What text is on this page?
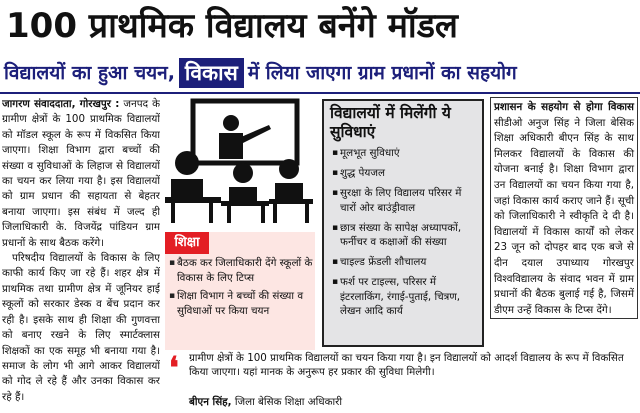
100 प्राथमिक विद्यालय बनेंगे मॉडल
विद्यालयों का हुआ चयन, विकास में लिया जाएगा ग्राम प्रधानों का सहयोग

जागरण संवाददाता, गोरखपुर : जनपद के ग्रामीण क्षेत्रों के 100 प्राथमिक विद्यालयों को मॉडल स्कूल के रूप में विकसित किया जाएगा। शिक्षा विभाग द्वारा बच्चों की संख्या व सुविधाओं के लिहाज से विद्यालयों का चयन कर लिया गया है। इस विद्यालयों को ग्राम प्रधान की सहायता से बेहतर बनाया जाएगा। इस संबंध में जल्द ही जिलाधिकारी के. विजयेंद्र पांडियन ग्राम प्रधानों के साथ बैठक करेंगे।

परिषदीय विद्यालयों के विकास के लिए काफी कार्य किए जा रहे हैं। शहर क्षेत्र में प्राथमिक तथा ग्रामीण क्षेत्र में जूनियर हाई स्कूलों को सरकार डेस्क व बेंच प्रदान कर रही है। इसके साथ ही शिक्षा की गुणवत्ता को बनाए रखने के लिए स्मार्टक्लास शिक्षकों का एक समूह भी बनाया गया है। समाज के लोग भी आगे आकर विद्यालयों को गोद ले रहे हैं और उनका विकास कर रहे हैं।

शिक्षा
▪ बैठक कर जिलाधिकारी देंगे स्कूलों के विकास के लिए टिप्स
▪ शिक्षा विभाग ने बच्चों की संख्या व सुविधाओं पर किया चयन
विद्यालयों में मिलेंगी ये सुविधाएं
▪ मूलभूत सुविधाएं
▪ शुद्ध पेयजल
▪ सुरक्षा के लिए विद्यालय परिसर में चारों ओर बाउंड्रीवाल
▪ छात्र संख्या के सापेक्ष अध्यापकों, फर्नीचर व कक्षाओं की संख्या
▪ चाइल्ड फ्रेंडली शौचालय
▪ फर्श पर टाइल्स, परिसर में इंटरलाकिंग, रंगाई-पुताई, चित्रण, लेखन आदि कार्य
प्रशासन के सहयोग से होगा विकास सीडीओ अनुज सिंह ने जिला बेसिक शिक्षा अधिकारी बीएन सिंह के साथ मिलकर विद्यालयों के विकास की योजना बनाई है। शिक्षा विभाग द्वारा उन विद्यालयों का चयन किया गया है, जहां विकास कार्य कराए जाने हैं। सूची को जिलाधिकारी ने स्वीकृति दे दी है। विद्यालयों में विकास कार्यों को लेकर 23 जून को दोपहर बाद एक बजे से दीन दयाल उपाध्याय गोरखपुर विश्वविद्यालय के संवाद भवन में ग्राम प्रधानों की बैठक बुलाई गई है, जिसमें डीएम उन्हें विकास के टिप्स देंगे।
❛ ग्रामीण क्षेत्रों के 100 प्राथमिक विद्यालयों का चयन किया गया है। इन विद्यालयों को आदर्श विद्यालय के रूप में विकसित किया जाएगा। यहां मानक के अनुरूप हर प्रकार की सुविधा मिलेगी।
बीएन सिंह, जिला बेसिक शिक्षा अधिकारी
